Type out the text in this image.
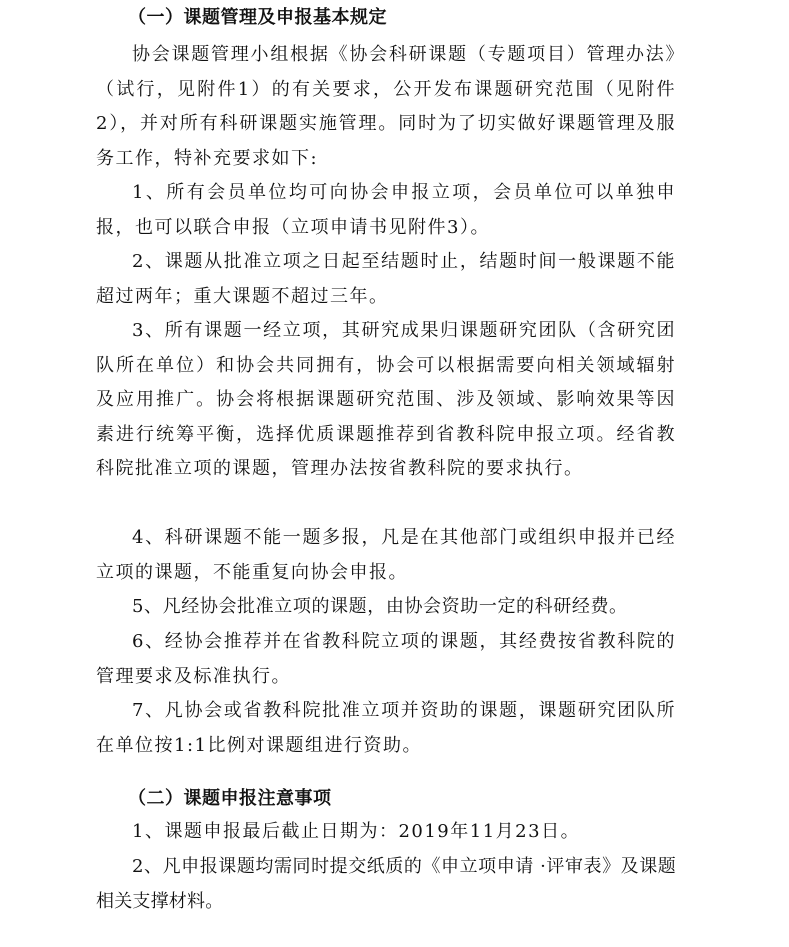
（一）课题管理及申报基本规定

协会课题管理小组根据《协会科研课题（专题项目）管理办法》（试行，见附件1）的有关要求，公开发布课题研究范围（见附件2），并对所有科研课题实施管理。同时为了切实做好课题管理及服务工作，特补充要求如下:

1、所有会员单位均可向协会申报立项，会员单位可以单独申报，也可以联合申报（立项申请书见附件3）。

2、课题从批准立项之日起至结题时止，结题时间一般课题不能超过两年；重大课题不超过三年。

3、所有课题一经立项，其研究成果归课题研究团队（含研究团队所在单位）和协会共同拥有，协会可以根据需要向相关领域辐射及应用推广。协会将根据课题研究范围、涉及领域、影响效果等因素进行统筹平衡，选择优质课题推荐到省教科院申报立项。经省教科院批准立项的课题，管理办法按省教科院的要求执行。

4、科研课题不能一题多报，凡是在其他部门或组织申报并已经立项的课题，不能重复向协会申报。

5、凡经协会批准立项的课题，由协会资助一定的科研经费。

6、经协会推荐并在省教科院立项的课题，其经费按省教科院的管理要求及标准执行。

7、凡协会或省教科院批准立项并资助的课题，课题研究团队所在单位按1:1比例对课题组进行资助。

（二）课题申报注意事项

1、课题申报最后截止日期为：2019年11月23日。

2、凡申报课题均需同时提交纸质的《申立项申请 ·评审表》及课题相关支撑材料。
